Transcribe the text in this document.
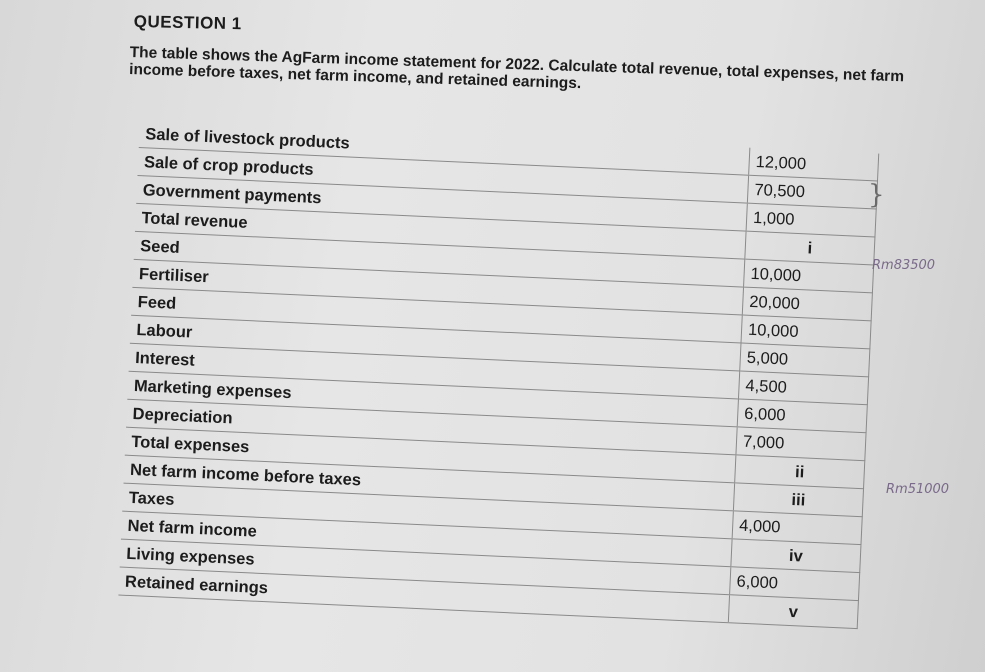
QUESTION 1
The table shows the AgFarm income statement for 2022. Calculate total revenue, total expenses, net farm income before taxes, net farm income, and retained earnings.
Sale of livestock products	12,000
Sale of crop products	70,500
Government payments	1,000
Total revenue	i
Seed	10,000
Fertiliser	20,000
Feed	10,000
Labour	5,000
Interest	4,500
Marketing expenses	6,000
Depreciation	7,000
Total expenses	ii
Net farm income before taxes	iii
Taxes	4,000
Net farm income	iv
Living expenses	6,000
Retained earnings	v
}
Rm83500
Rm51000
